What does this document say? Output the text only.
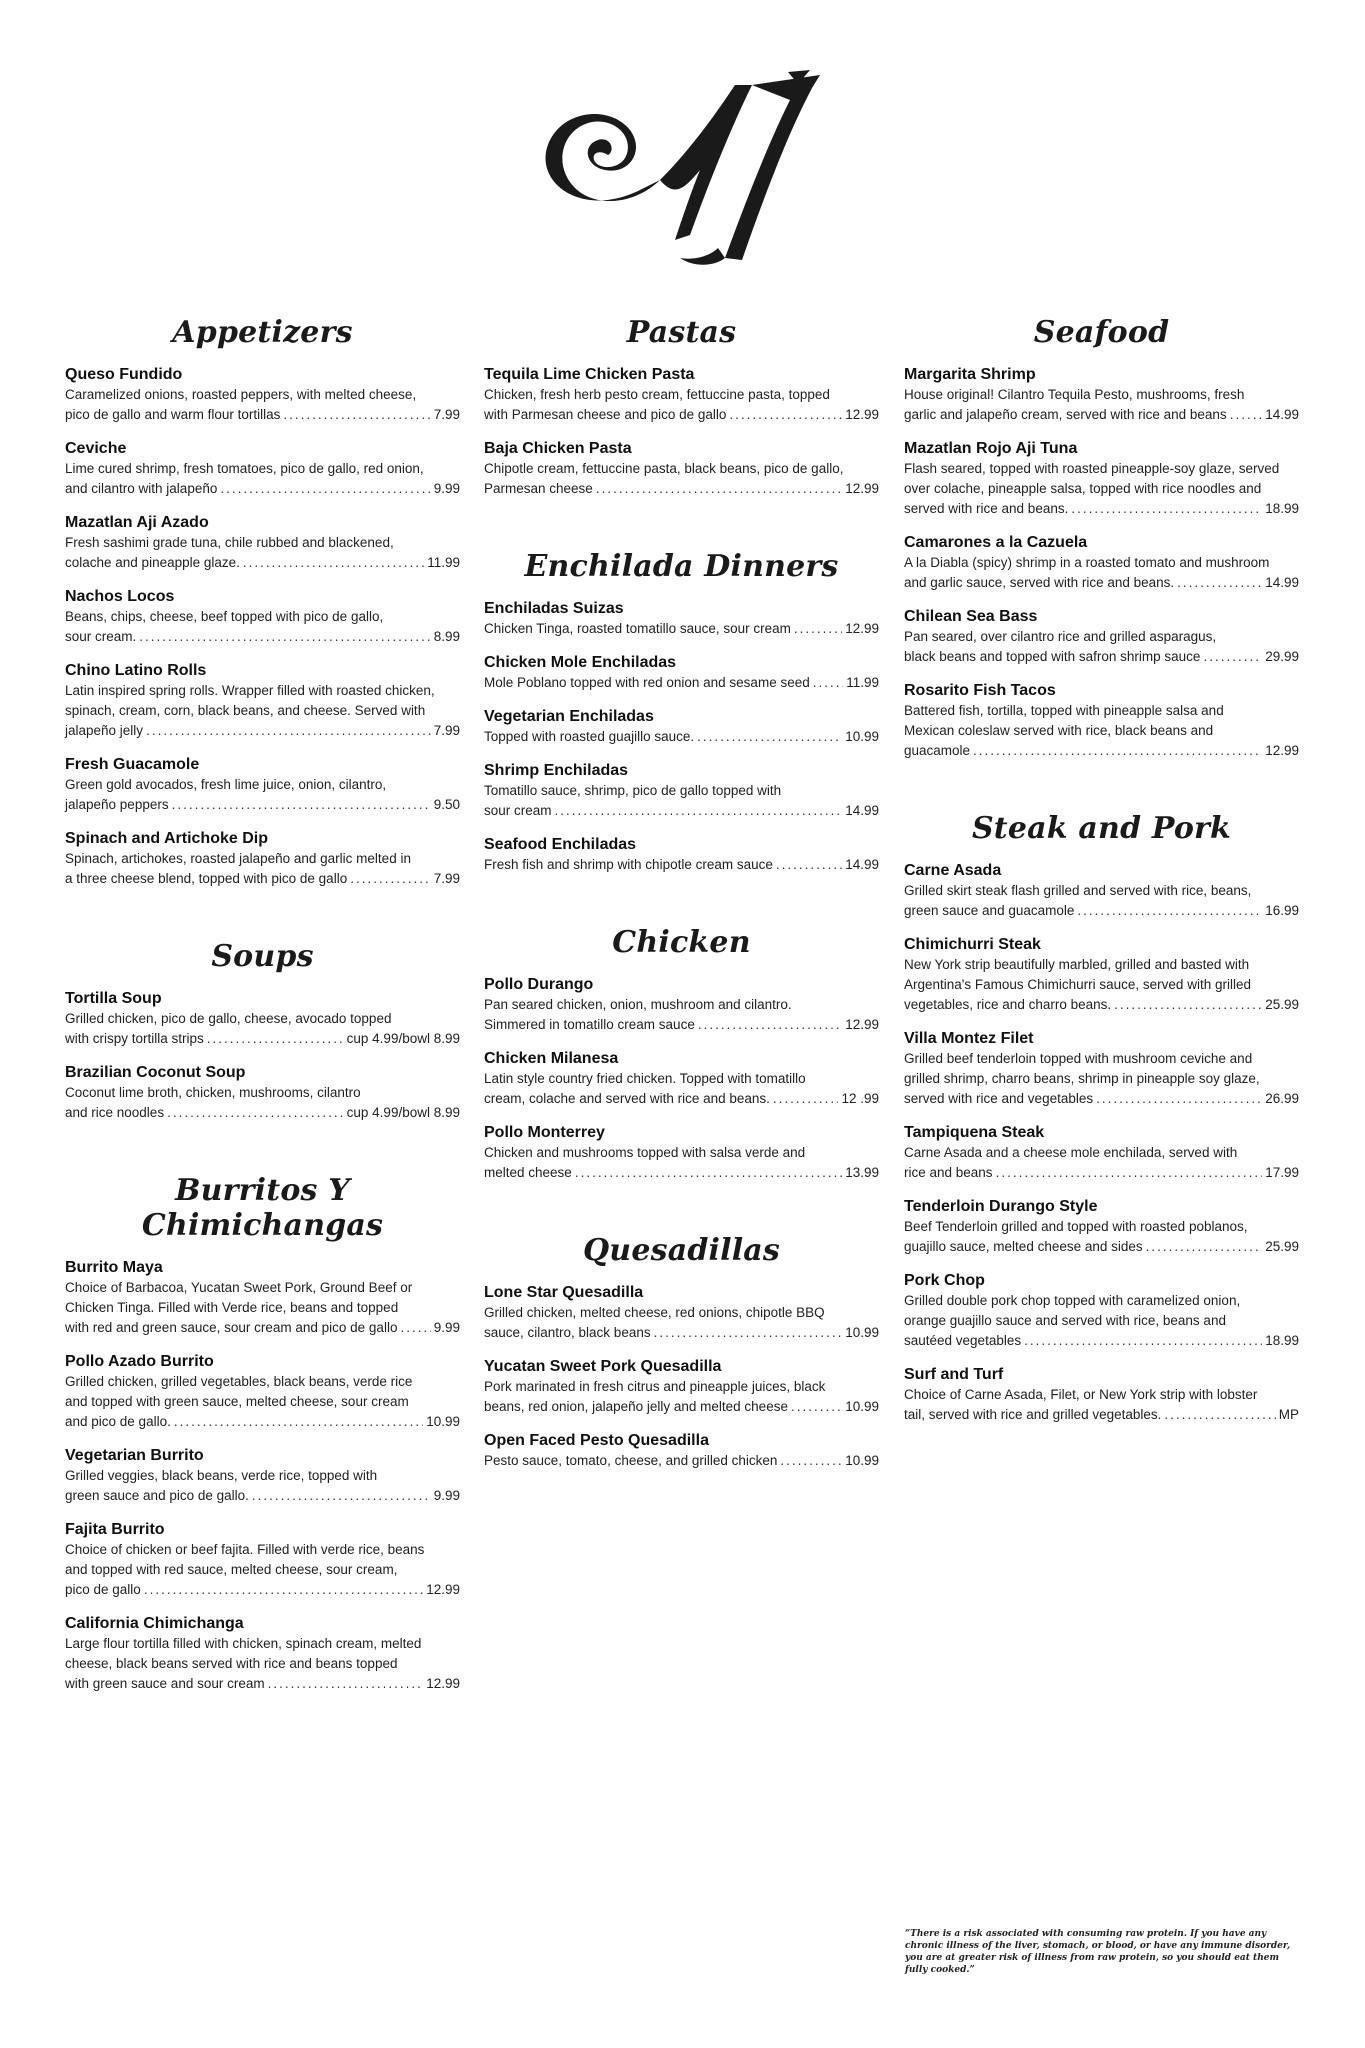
Appetizers
Queso Fundido
Caramelized onions, roasted peppers, with melted cheese,
pico de gallo and warm flour tortillas .....	7.99
Ceviche
Lime cured shrimp, fresh tomatoes, pico de gallo, red onion,
and cilantro with jalapeño .....	9.99
Mazatlan Aji Azado
Fresh sashimi grade tuna, chile rubbed and blackened,
colache and pineapple glaze. .....	11.99
Nachos Locos
Beans, chips, cheese, beef topped with pico de gallo,
sour cream. .....	8.99
Chino Latino Rolls
Latin inspired spring rolls. Wrapper filled with roasted chicken,
spinach, cream, corn, black beans, and cheese. Served with
jalapeño jelly .....	7.99
Fresh Guacamole
Green gold avocados, fresh lime juice, onion, cilantro,
jalapeño peppers .....	9.50
Spinach and Artichoke Dip
Spinach, artichokes, roasted jalapeño and garlic melted in
a three cheese blend, topped with pico de gallo .....	7.99
Soups
Tortilla Soup
Grilled chicken, pico de gallo, cheese, avocado topped
with crispy tortilla strips .....	cup 4.99/bowl 8.99
Brazilian Coconut Soup
Coconut lime broth, chicken, mushrooms, cilantro
and rice noodles .....	cup 4.99/bowl 8.99
Burritos Y Chimichangas
Burrito Maya
Choice of Barbacoa, Yucatan Sweet Pork, Ground Beef or
Chicken Tinga. Filled with Verde rice, beans and topped
with red and green sauce, sour cream and pico de gallo .....	9.99
Pollo Azado Burrito
Grilled chicken, grilled vegetables, black beans, verde rice
and topped with green sauce, melted cheese, sour cream
and pico de gallo. .....	10.99
Vegetarian Burrito
Grilled veggies, black beans, verde rice, topped with
green sauce and pico de gallo. .....	9.99
Fajita Burrito
Choice of chicken or beef fajita. Filled with verde rice, beans
and topped with red sauce, melted cheese, sour cream,
pico de gallo .....	12.99
California Chimichanga
Large flour tortilla filled with chicken, spinach cream, melted
cheese, black beans served with rice and beans topped
with green sauce and sour cream .....	12.99
Pastas
Tequila Lime Chicken Pasta
Chicken, fresh herb pesto cream, fettuccine pasta, topped
with Parmesan cheese and pico de gallo .....	12.99
Baja Chicken Pasta
Chipotle cream, fettuccine pasta, black beans, pico de gallo,
Parmesan cheese .....	12.99
Enchilada Dinners
Enchiladas Suizas
Chicken Tinga, roasted tomatillo sauce, sour cream .....	12.99
Chicken Mole Enchiladas
Mole Poblano topped with red onion and sesame seed .....	11.99
Vegetarian Enchiladas
Topped with roasted guajillo sauce. .....	10.99
Shrimp Enchiladas
Tomatillo sauce, shrimp, pico de gallo topped with
sour cream .....	14.99
Seafood Enchiladas
Fresh fish and shrimp with chipotle cream sauce .....	14.99
Chicken
Pollo Durango
Pan seared chicken, onion, mushroom and cilantro.
Simmered in tomatillo cream sauce .....	12.99
Chicken Milanesa
Latin style country fried chicken. Topped with tomatillo
cream, colache and served with rice and beans. .....	12 .99
Pollo Monterrey
Chicken and mushrooms topped with salsa verde and
melted cheese .....	13.99
Quesadillas
Lone Star Quesadilla
Grilled chicken, melted cheese, red onions, chipotle BBQ
sauce, cilantro, black beans .....	10.99
Yucatan Sweet Pork Quesadilla
Pork marinated in fresh citrus and pineapple juices, black
beans, red onion, jalapeño jelly and melted cheese .....	10.99
Open Faced Pesto Quesadilla
Pesto sauce, tomato, cheese, and grilled chicken .....	10.99
Seafood
Margarita Shrimp
House original! Cilantro Tequila Pesto, mushrooms, fresh
garlic and jalapeño cream, served with rice and beans .....	14.99
Mazatlan Rojo Aji Tuna
Flash seared, topped with roasted pineapple-soy glaze, served
over colache, pineapple salsa, topped with rice noodles and
served with rice and beans. .....	18.99
Camarones a la Cazuela
A la Diabla (spicy) shrimp in a roasted tomato and mushroom
and garlic sauce, served with rice and beans. .....	14.99
Chilean Sea Bass
Pan seared, over cilantro rice and grilled asparagus,
black beans and topped with safron shrimp sauce .....	29.99
Rosarito Fish Tacos
Battered fish, tortilla, topped with pineapple salsa and
Mexican coleslaw served with rice, black beans and
guacamole .....	12.99
Steak and Pork
Carne Asada
Grilled skirt steak flash grilled and served with rice, beans,
green sauce and guacamole .....	16.99
Chimichurri Steak
New York strip beautifully marbled, grilled and basted with
Argentina's Famous Chimichurri sauce, served with grilled
vegetables, rice and charro beans. .....	25.99
Villa Montez Filet
Grilled beef tenderloin topped with mushroom ceviche and
grilled shrimp, charro beans, shrimp in pineapple soy glaze,
served with rice and vegetables .....	26.99
Tampiquena Steak
Carne Asada and a cheese mole enchilada, served with
rice and beans .....	17.99
Tenderloin Durango Style
Beef Tenderloin grilled and topped with roasted poblanos,
guajillo sauce, melted cheese and sides .....	25.99
Pork Chop
Grilled double pork chop topped with caramelized onion,
orange guajillo sauce and served with rice, beans and
sautéed vegetables .....	18.99
Surf and Turf
Choice of Carne Asada, Filet, or New York strip with lobster
tail, served with rice and grilled vegetables. .....	MP
“There is a risk associated with consuming raw protein. If you have any chronic illness of the liver, stomach, or blood, or have any immune disorder, you are at greater risk of illness from raw protein, so you should eat them fully cooked.”
